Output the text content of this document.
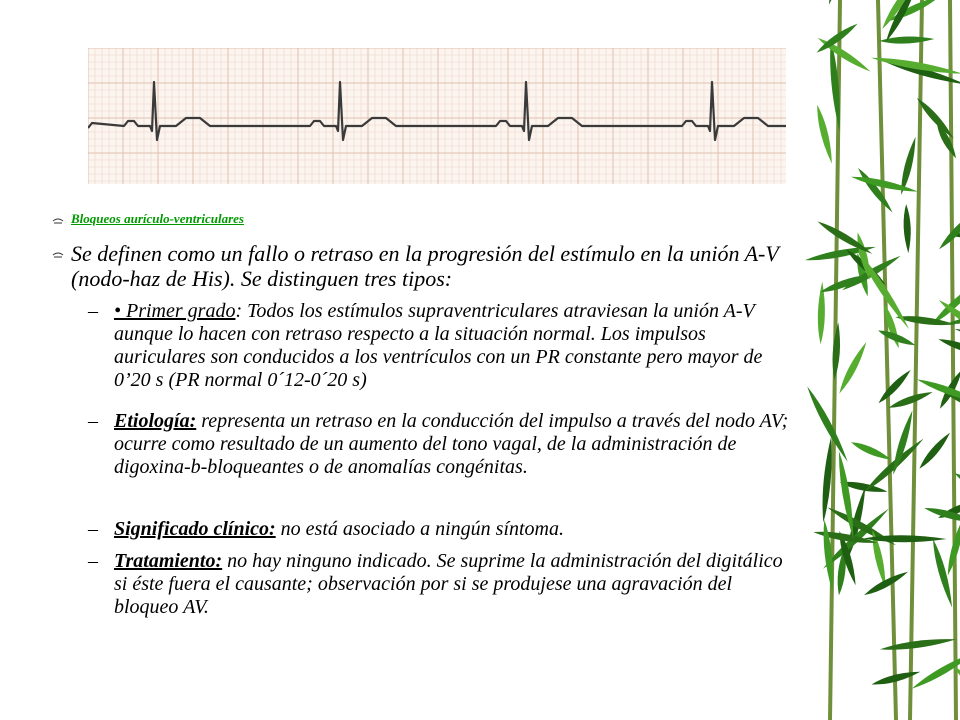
Bloqueos aurículo-ventriculares
Se definen como un fallo o retraso en la progresión del estímulo en la unión A-V (nodo-haz de His). Se distinguen tres tipos:
– • Primer grado: Todos los estímulos supraventriculares atraviesan la unión A-V aunque lo hacen con retraso respecto a la situación normal. Los impulsos auriculares son conducidos a los ventrículos con un PR constante pero mayor de 0’20 s (PR normal 0´12-0´20 s)
– Etiología: representa un retraso en la conducción del impulso a través del nodo AV; ocurre como resultado de un aumento del tono vagal, de la administración de digoxina-b-bloqueantes o de anomalías congénitas.
– Significado clínico: no está asociado a ningún síntoma.
– Tratamiento: no hay ninguno indicado. Se suprime la administración del digitálico si éste fuera el causante; observación por si se produjese una agravación del bloqueo AV.
